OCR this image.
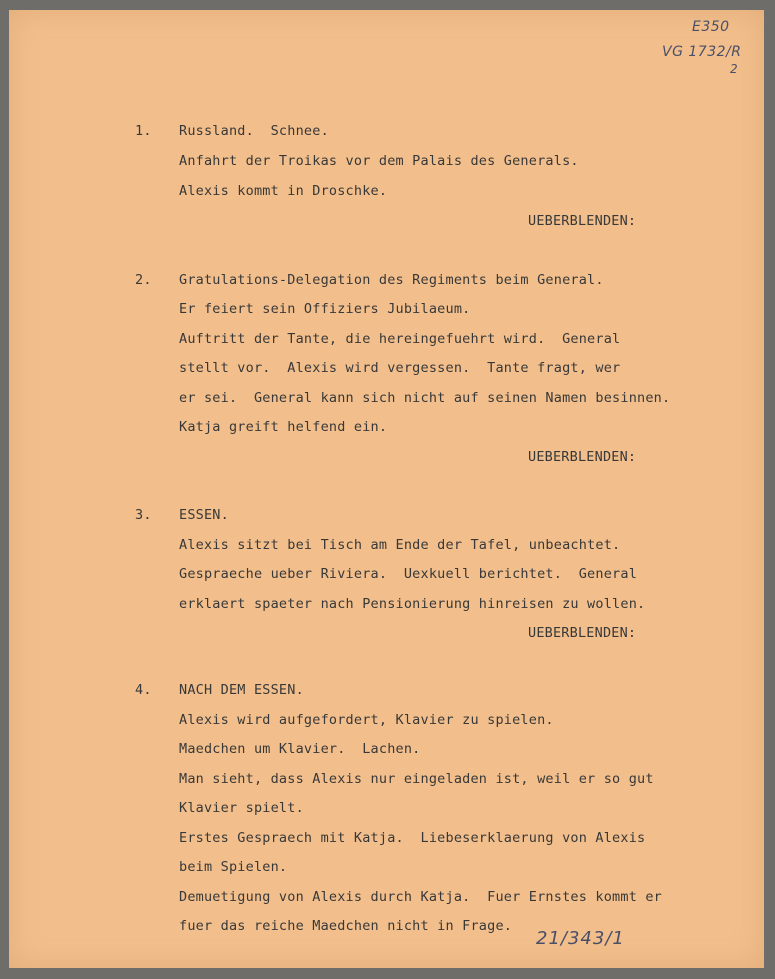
E350
VG 1732/R
2
21/343/1
1. Russland.  Schnee.
Anfahrt der Troikas vor dem Palais des Generals.
Alexis kommt in Droschke.
UEBERBLENDEN:
2. Gratulations-Delegation des Regiments beim General.
Er feiert sein Offiziers Jubilaeum.
Auftritt der Tante, die hereingefuehrt wird.  General
stellt vor.  Alexis wird vergessen.  Tante fragt, wer
er sei.  General kann sich nicht auf seinen Namen besinnen.
Katja greift helfend ein.
UEBERBLENDEN:
3. ESSEN.
Alexis sitzt bei Tisch am Ende der Tafel, unbeachtet.
Gespraeche ueber Riviera.  Uexkuell berichtet.  General
erklaert spaeter nach Pensionierung hinreisen zu wollen.
UEBERBLENDEN:
4. NACH DEM ESSEN.
Alexis wird aufgefordert, Klavier zu spielen.
Maedchen um Klavier.  Lachen.
Man sieht, dass Alexis nur eingeladen ist, weil er so gut
Klavier spielt.
Erstes Gespraech mit Katja.  Liebeserklaerung von Alexis
beim Spielen.
Demuetigung von Alexis durch Katja.  Fuer Ernstes kommt er
fuer das reiche Maedchen nicht in Frage.
